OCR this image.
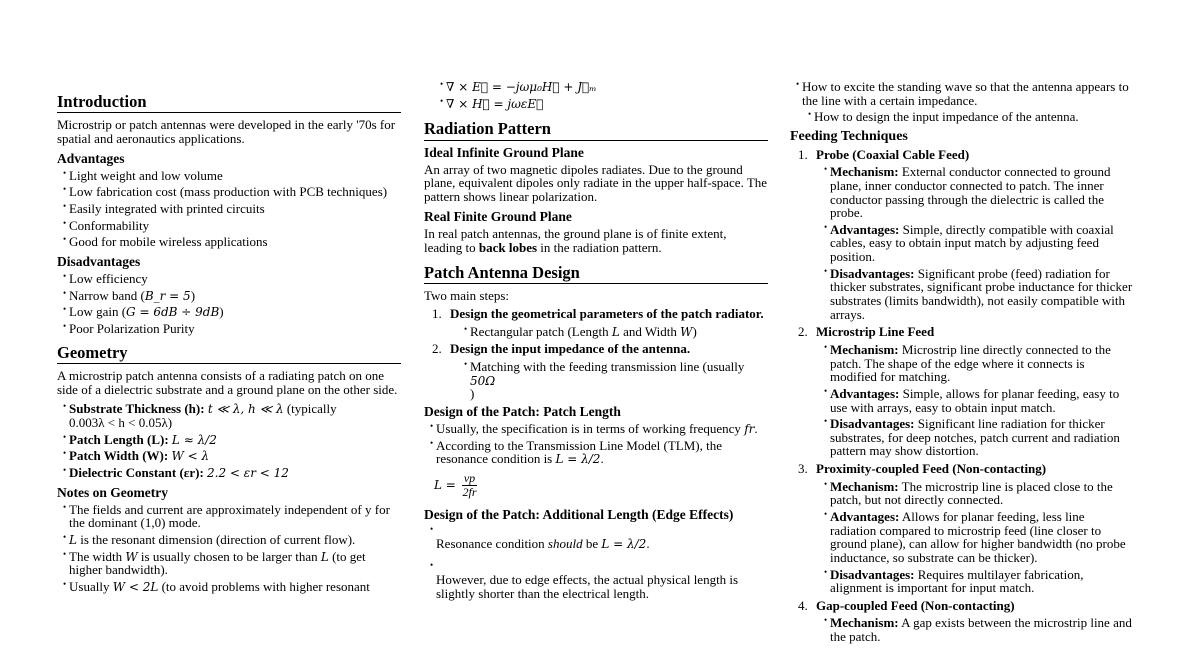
Introduction

Microstrip or patch antennas were developed in the early '70s for spatial and aeronautics applications.

Advantages
• Light weight and low volume
• Low fabrication cost (mass production with PCB techniques)
• Easily integrated with printed circuits
• Conformability
• Good for mobile wireless applications
Disadvantages
• Low efficiency
• Narrow band (B_r = 5)
• Low gain (G = 6dB ÷ 9dB)
• Poor Polarization Purity
Geometry

A microstrip patch antenna consists of a radiating patch on one side of a dielectric substrate and a ground plane on the other side.

• Substrate Thickness (h): t ≪ λ, h ≪ λ (typically
0.003λ < h < 0.05λ)
• Patch Length (L): L ≈ λ/2
• Patch Width (W): W < λ
• Dielectric Constant (εr): 2.2 < εr < 12
Notes on Geometry
• The fields and current are approximately independent of y for the dominant (1,0) mode.
• L is the resonant dimension (direction of current flow).
• The width W is usually chosen to be larger than L (to get higher bandwidth).
• Usually W < 2L (to avoid problems with higher resonant
• ∇ × E⃗ = −jωμ₀H⃗ + J⃗ₘ
• ∇ × H⃗ = jωεE⃗
Radiation Pattern
Ideal Infinite Ground Plane

An array of two magnetic dipoles radiates. Due to the ground plane, equivalent dipoles only radiate in the upper half-space. The pattern shows linear polarization.

Real Finite Ground Plane

In real patch antennas, the ground plane is of finite extent, leading to back lobes in the radiation pattern.

Patch Antenna Design

Two main steps:

1. Design the geometrical parameters of the patch radiator.
• Rectangular patch (Length L and Width W)
2. Design the input impedance of the antenna.
• Matching with the feeding transmission line (usually 50Ω
)
Design of the Patch: Patch Length
• Usually, the specification is in terms of working frequency fr.
• According to the Transmission Line Model (TLM), the resonance condition is L = λ/2.
$L = \frac{vp}{2fr}$
Design of the Patch: Additional Length (Edge Effects)
• Resonance condition should be L = λ/2.
• However, due to edge effects, the actual physical length is slightly shorter than the electrical length.
• How to excite the standing wave so that the antenna appears to the line with a certain impedance.
• How to design the input impedance of the antenna.
Feeding Techniques
1. Probe (Coaxial Cable Feed)
• Mechanism: External conductor connected to ground plane, inner conductor connected to patch. The inner conductor passing through the dielectric is called the probe.
• Advantages: Simple, directly compatible with coaxial cables, easy to obtain input match by adjusting feed position.
• Disadvantages: Significant probe (feed) radiation for thicker substrates, significant probe inductance for thicker substrates (limits bandwidth), not easily compatible with arrays.
2. Microstrip Line Feed
• Mechanism: Microstrip line directly connected to the patch. The shape of the edge where it connects is modified for matching.
• Advantages: Simple, allows for planar feeding, easy to use with arrays, easy to obtain input match.
• Disadvantages: Significant line radiation for thicker substrates, for deep notches, patch current and radiation pattern may show distortion.
3. Proximity-coupled Feed (Non-contacting)
• Mechanism: The microstrip line is placed close to the patch, but not directly connected.
• Advantages: Allows for planar feeding, less line radiation compared to microstrip feed (line closer to ground plane), can allow for higher bandwidth (no probe inductance, so substrate can be thicker).
• Disadvantages: Requires multilayer fabrication, alignment is important for input match.
4. Gap-coupled Feed (Non-contacting)
• Mechanism: A gap exists between the microstrip line and the patch.
